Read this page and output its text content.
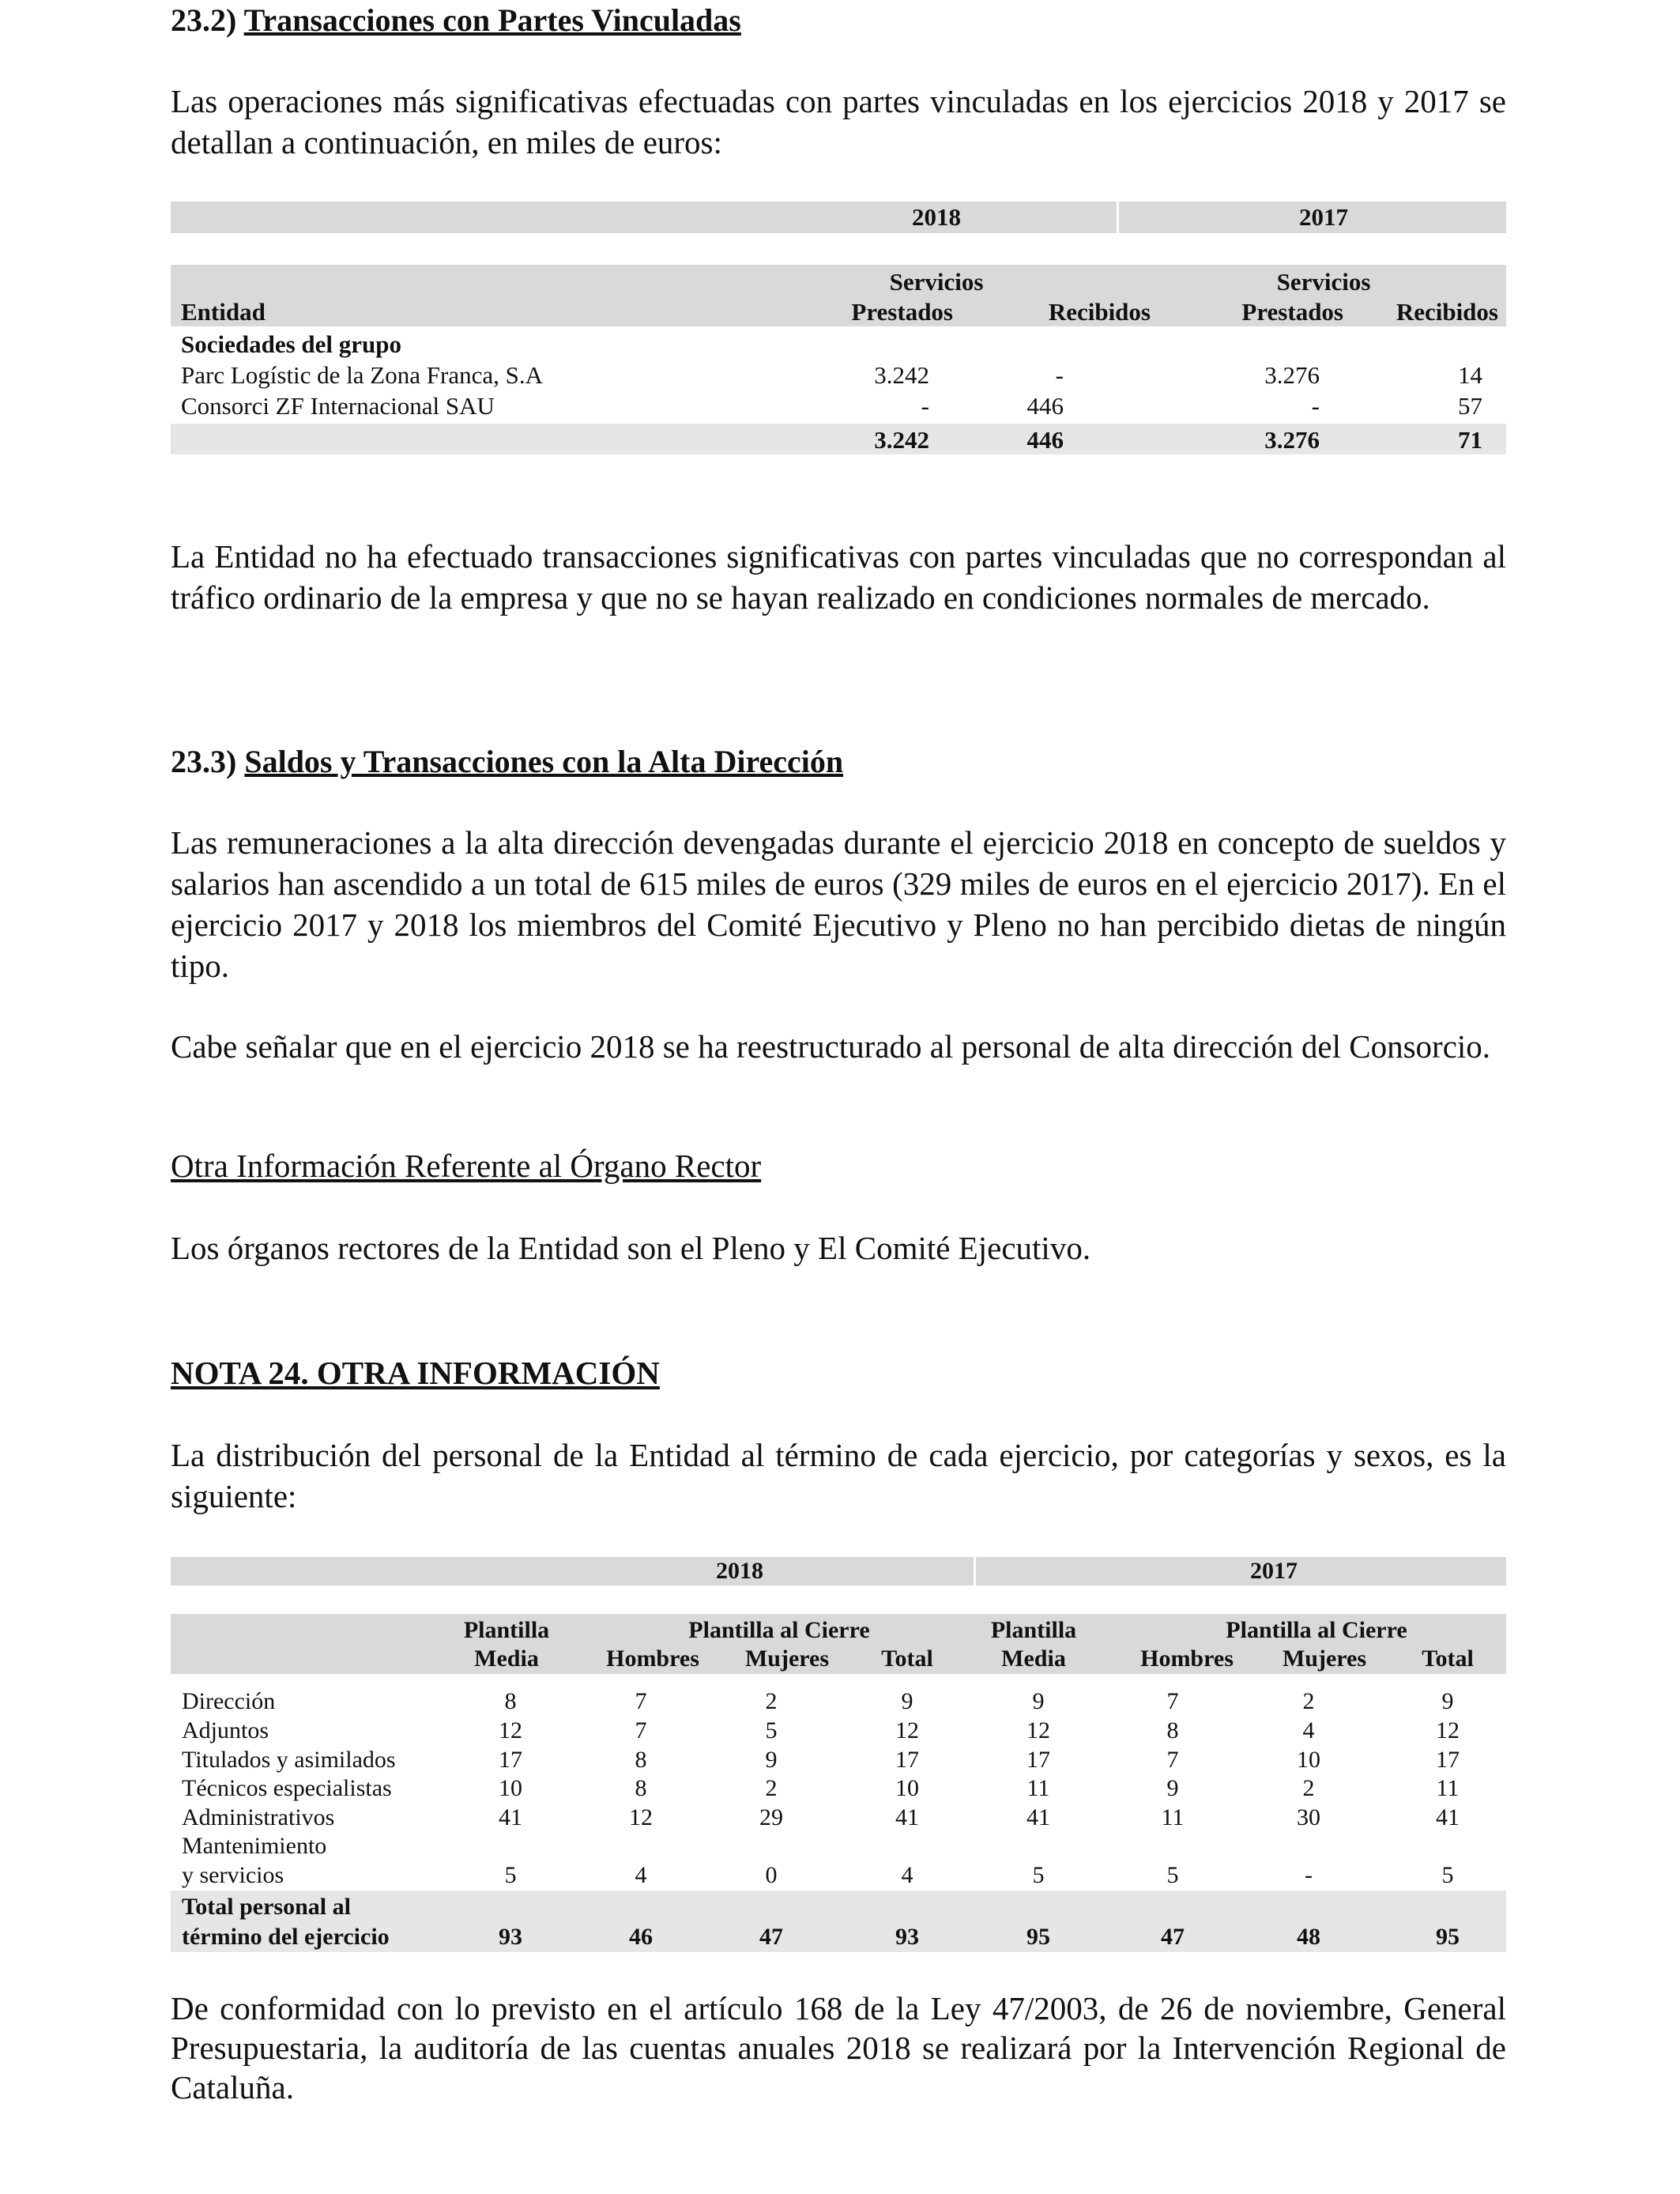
23.2) Transacciones con Partes Vinculadas
Las operaciones más significativas efectuadas con partes vinculadas en los ejercicios 2018 y 2017 se detallan a continuación, en miles de euros:
2018	2017
Servicios	Servicios
Entidad	Prestados	Recibidos	Prestados	Recibidos
Sociedades del grupo
Parc Logístic de la Zona Franca, S.A	3.242	-	3.276	14
Consorci ZF Internacional SAU	-	446	-	57
3.242	446	3.276	71
La Entidad no ha efectuado transacciones significativas con partes vinculadas que no correspondan al tráfico ordinario de la empresa y que no se hayan realizado en condiciones normales de mercado.
23.3) Saldos y Transacciones con la Alta Dirección
Las remuneraciones a la alta dirección devengadas durante el ejercicio 2018 en concepto de sueldos y salarios han ascendido a un total de 615 miles de euros (329 miles de euros en el ejercicio 2017). En el ejercicio 2017 y 2018 los miembros del Comité Ejecutivo y Pleno no han percibido dietas de ningún tipo.
Cabe señalar que en el ejercicio 2018 se ha reestructurado al personal de alta dirección del Consorcio.
Otra Información Referente al Órgano Rector
Los órganos rectores de la Entidad son el Pleno y El Comité Ejecutivo.
NOTA 24. OTRA INFORMACIÓN
La distribución del personal de la Entidad al término de cada ejercicio, por categorías y sexos, es la siguiente:
2018	2017
Plantilla
Media
Plantilla al Cierre
Hombres	Mujeres	Total
Plantilla
Media
Plantilla al Cierre
Hombres	Mujeres	Total
Dirección	8	7	2	9	9	7	2	9
Adjuntos	12	7	5	12	12	8	4	12
Titulados y asimilados	17	8	9	17	17	7	10	17
Técnicos especialistas	10	8	2	10	11	9	2	11
Administrativos	41	12	29	41	41	11	30	41
Mantenimiento
y servicios	5	4	0	4	5	5	-	5
Total personal al
término del ejercicio	93	46	47	93	95	47	48	95
De conformidad con lo previsto en el artículo 168 de la Ley 47/2003, de 26 de noviembre, General Presupuestaria, la auditoría de las cuentas anuales 2018 se realizará por la Intervención Regional de Cataluña.
